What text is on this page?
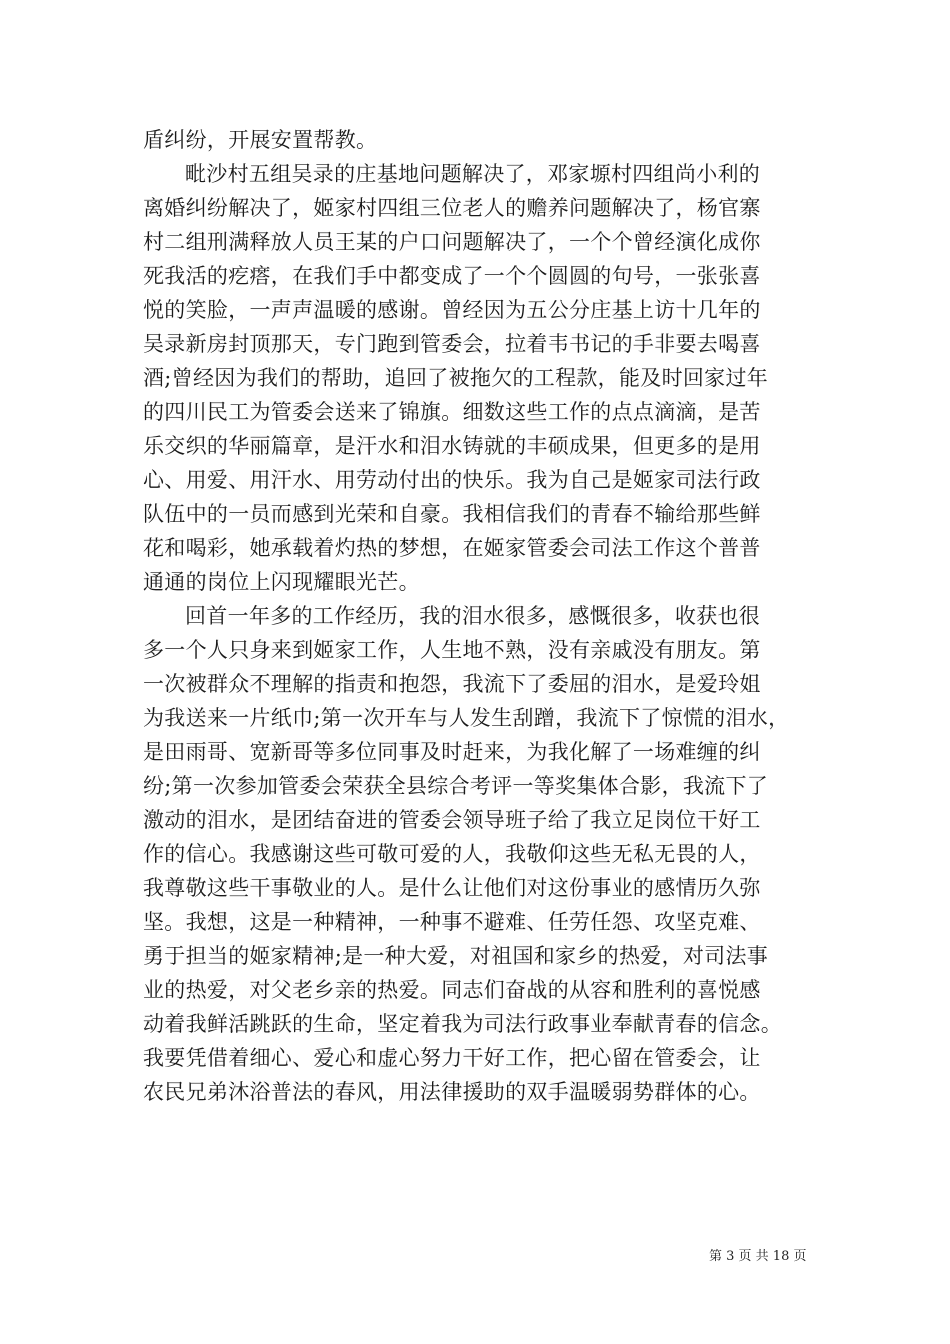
盾纠纷，开展安置帮教。
毗沙村五组吴录的庄基地问题解决了，邓家塬村四组尚小利的
离婚纠纷解决了，姬家村四组三位老人的赡养问题解决了，杨官寨
村二组刑满释放人员王某的户口问题解决了，一个个曾经演化成你
死我活的疙瘩，在我们手中都变成了一个个圆圆的句号，一张张喜
悦的笑脸，一声声温暖的感谢。曾经因为五公分庄基上访十几年的
吴录新房封顶那天，专门跑到管委会，拉着韦书记的手非要去喝喜
酒;曾经因为我们的帮助，追回了被拖欠的工程款，能及时回家过年
的四川民工为管委会送来了锦旗。细数这些工作的点点滴滴，是苦
乐交织的华丽篇章，是汗水和泪水铸就的丰硕成果，但更多的是用
心、用爱、用汗水、用劳动付出的快乐。我为自己是姬家司法行政
队伍中的一员而感到光荣和自豪。我相信我们的青春不输给那些鲜
花和喝彩，她承载着灼热的梦想，在姬家管委会司法工作这个普普
通通的岗位上闪现耀眼光芒。
回首一年多的工作经历，我的泪水很多，感慨很多，收获也很
多一个人只身来到姬家工作，人生地不熟，没有亲戚没有朋友。第
一次被群众不理解的指责和抱怨，我流下了委屈的泪水，是爱玲姐
为我送来一片纸巾;第一次开车与人发生刮蹭，我流下了惊慌的泪水，
是田雨哥、宽新哥等多位同事及时赶来，为我化解了一场难缠的纠
纷;第一次参加管委会荣获全县综合考评一等奖集体合影，我流下了
激动的泪水，是团结奋进的管委会领导班子给了我立足岗位干好工
作的信心。我感谢这些可敬可爱的人，我敬仰这些无私无畏的人，
我尊敬这些干事敬业的人。是什么让他们对这份事业的感情历久弥
坚。我想，这是一种精神，一种事不避难、任劳任怨、攻坚克难、
勇于担当的姬家精神;是一种大爱，对祖国和家乡的热爱，对司法事
业的热爱，对父老乡亲的热爱。同志们奋战的从容和胜利的喜悦感
动着我鲜活跳跃的生命，坚定着我为司法行政事业奉献青春的信念。
我要凭借着细心、爱心和虚心努力干好工作，把心留在管委会，让
农民兄弟沐浴普法的春风，用法律援助的双手温暖弱势群体的心。
第 3 页 共 18 页
